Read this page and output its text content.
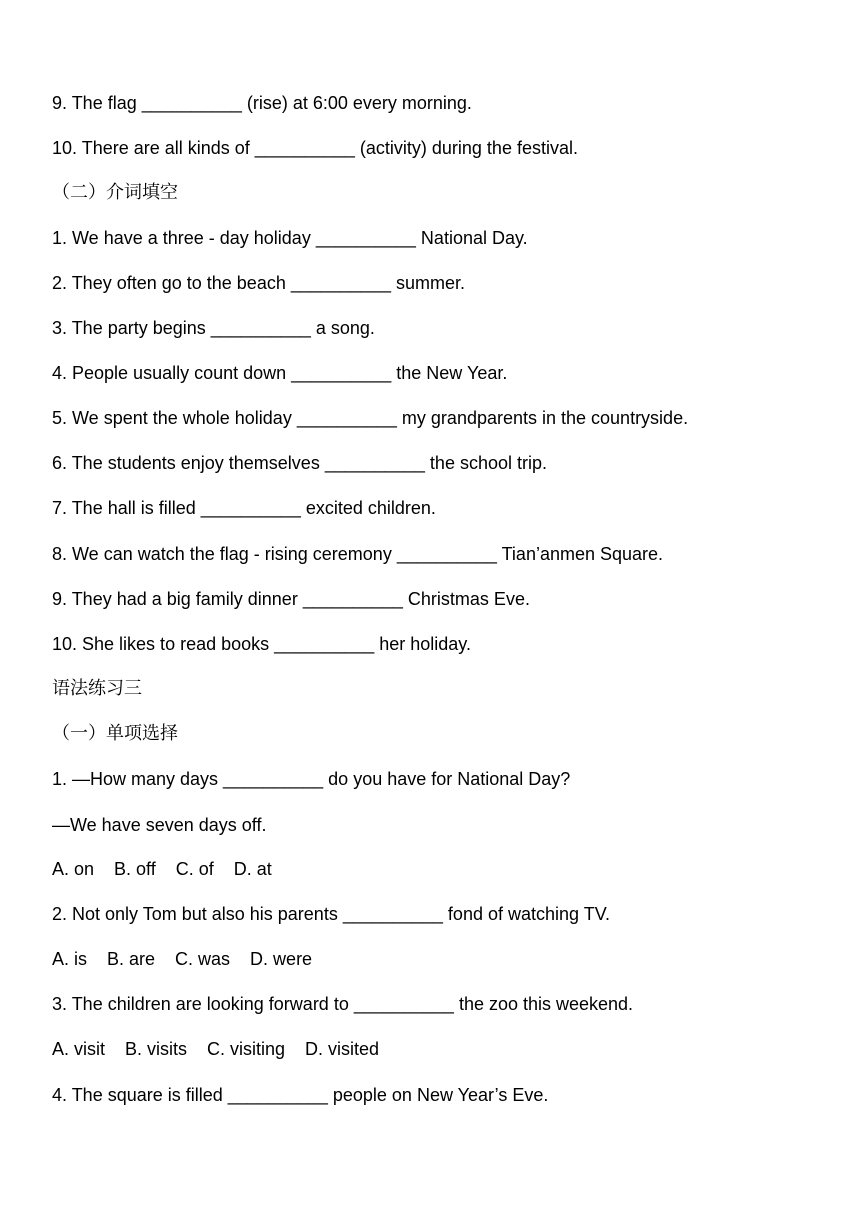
9. The flag __________ (rise) at 6:00 every morning.
10. There are all kinds of __________ (activity) during the festival.
（二）介词填空
1. We have a three - day holiday __________ National Day.
2. They often go to the beach __________ summer.
3. The party begins __________ a song.
4. People usually count down __________ the New Year.
5. We spent the whole holiday __________ my grandparents in the countryside.
6. The students enjoy themselves __________ the school trip.
7. The hall is filled __________ excited children.
8. We can watch the flag - rising ceremony __________ Tian’anmen Square.
9. They had a big family dinner __________ Christmas Eve.
10. She likes to read books __________ her holiday.
语法练习三
（一）单项选择
1. —How many days __________ do you have for National Day?
—We have seven days off.
A. on    B. off    C. of    D. at
2. Not only Tom but also his parents __________ fond of watching TV.
A. is    B. are    C. was    D. were
3. The children are looking forward to __________ the zoo this weekend.
A. visit    B. visits    C. visiting    D. visited
4. The square is filled __________ people on New Year’s Eve.
